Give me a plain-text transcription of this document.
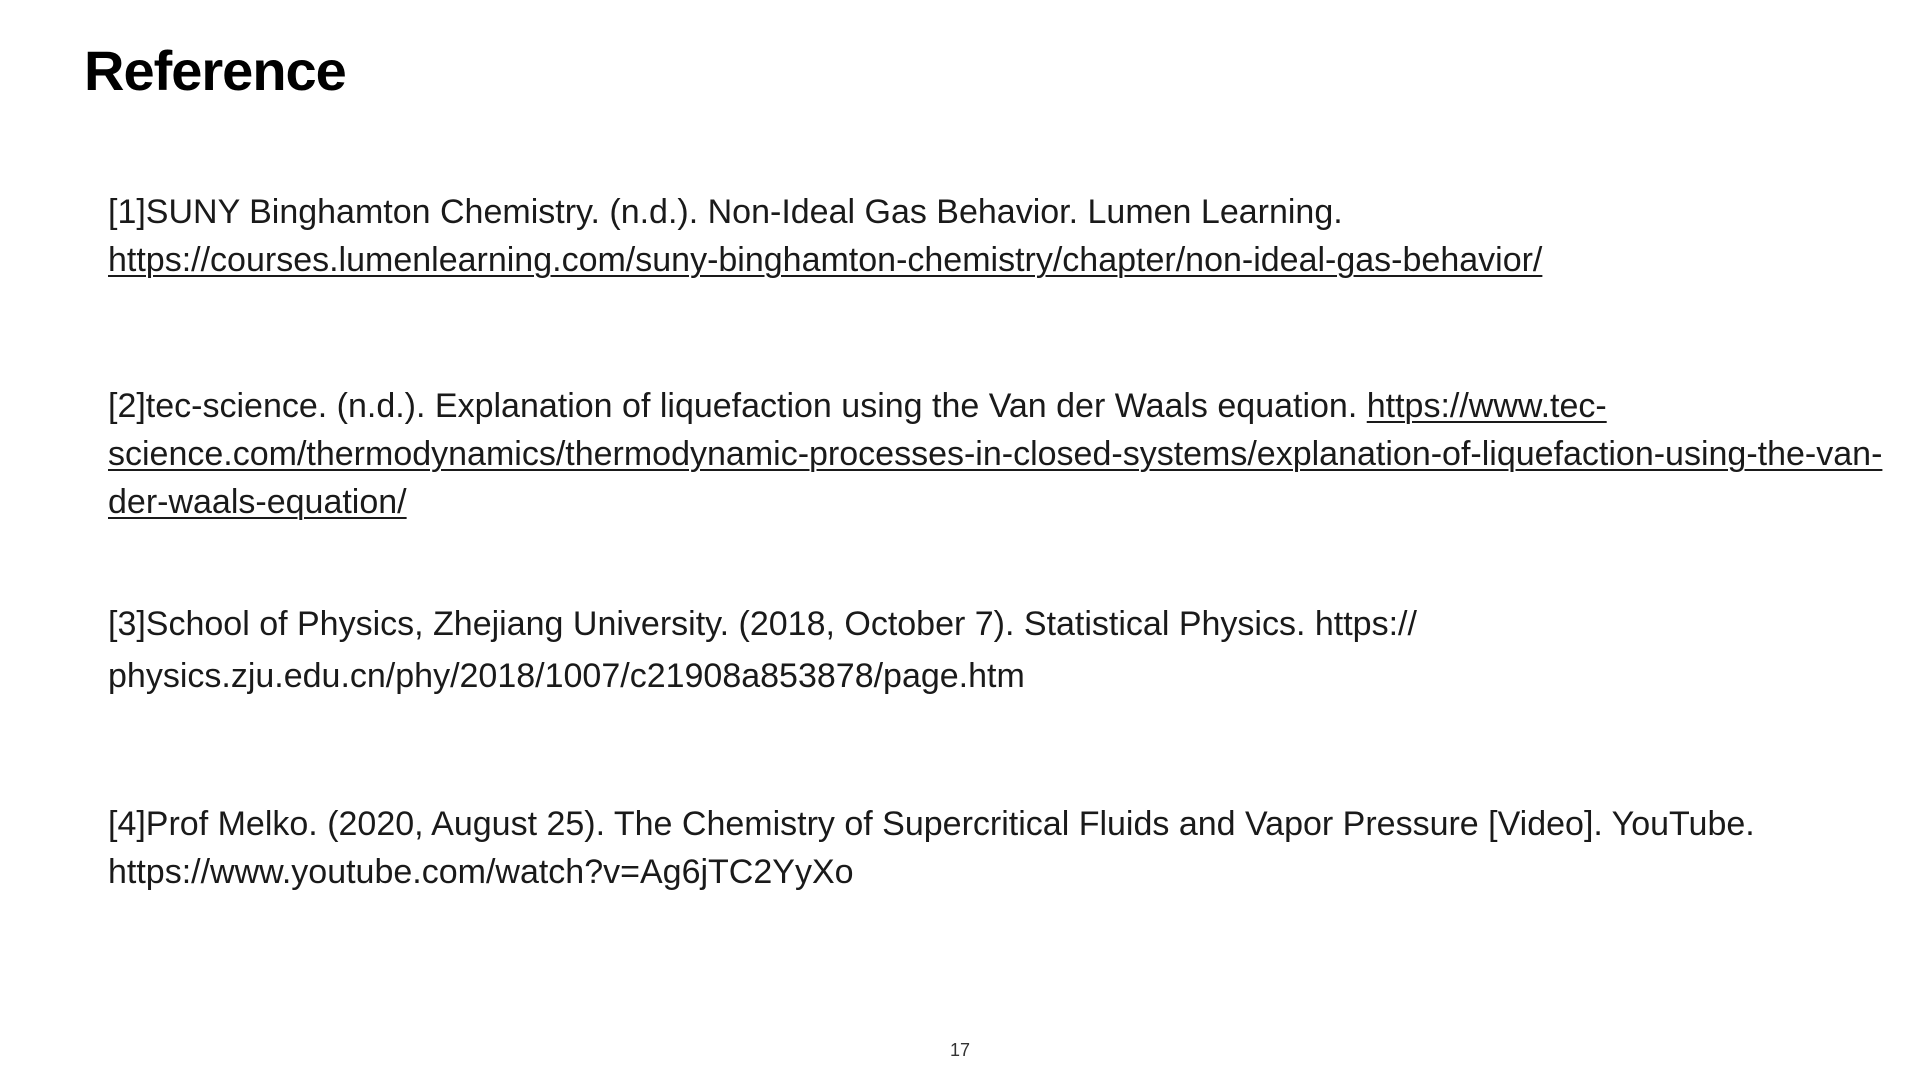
Reference
[1]SUNY Binghamton Chemistry. (n.d.). Non-Ideal Gas Behavior. Lumen Learning. https://courses.lumenlearning.com/suny-binghamton-chemistry/chapter/non-ideal-gas-behavior/
[2]tec-science. (n.d.). Explanation of liquefaction using the Van der Waals equation. https://www.tec-science.com/thermodynamics/thermodynamic-processes-in-closed-systems/explanation-of-liquefaction-using-the-van-der-waals-equation/
[3]School of Physics, Zhejiang University. (2018, October 7). Statistical Physics. https://
physics.zju.edu.cn/phy/2018/1007/c21908a853878/page.htm
[4]Prof Melko. (2020, August 25). The Chemistry of Supercritical Fluids and Vapor Pressure [Video]. YouTube. https://www.youtube.com/watch?v=Ag6jTC2YyXo
17
